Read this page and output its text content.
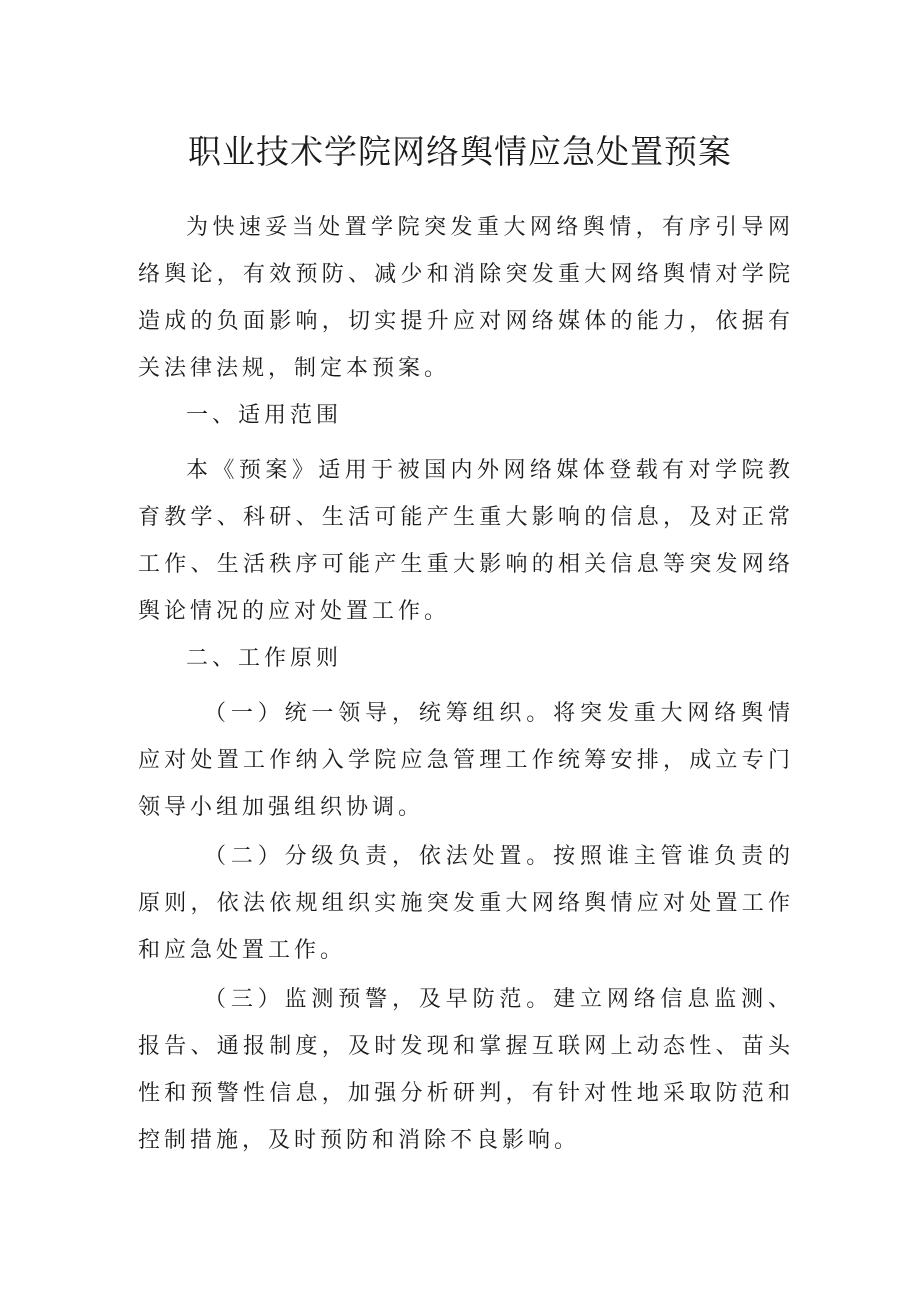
职业技术学院网络舆情应急处置预案

为快速妥当处置学院突发重大网络舆情，有序引导网络舆论，有效预防、减少和消除突发重大网络舆情对学院造成的负面影响，切实提升应对网络媒体的能力，依据有关法律法规，制定本预案。

一、适用范围

本《预案》适用于被国内外网络媒体登载有对学院教育教学、科研、生活可能产生重大影响的信息，及对正常工作、生活秩序可能产生重大影响的相关信息等突发网络舆论情况的应对处置工作。

二、工作原则

（一）统一领导，统筹组织。将突发重大网络舆情应对处置工作纳入学院应急管理工作统筹安排，成立专门领导小组加强组织协调。

（二）分级负责，依法处置。按照谁主管谁负责的原则，依法依规组织实施突发重大网络舆情应对处置工作和应急处置工作。

（三）监测预警，及早防范。建立网络信息监测、报告、通报制度，及时发现和掌握互联网上动态性、苗头性和预警性信息，加强分析研判，有针对性地采取防范和控制措施，及时预防和消除不良影响。
